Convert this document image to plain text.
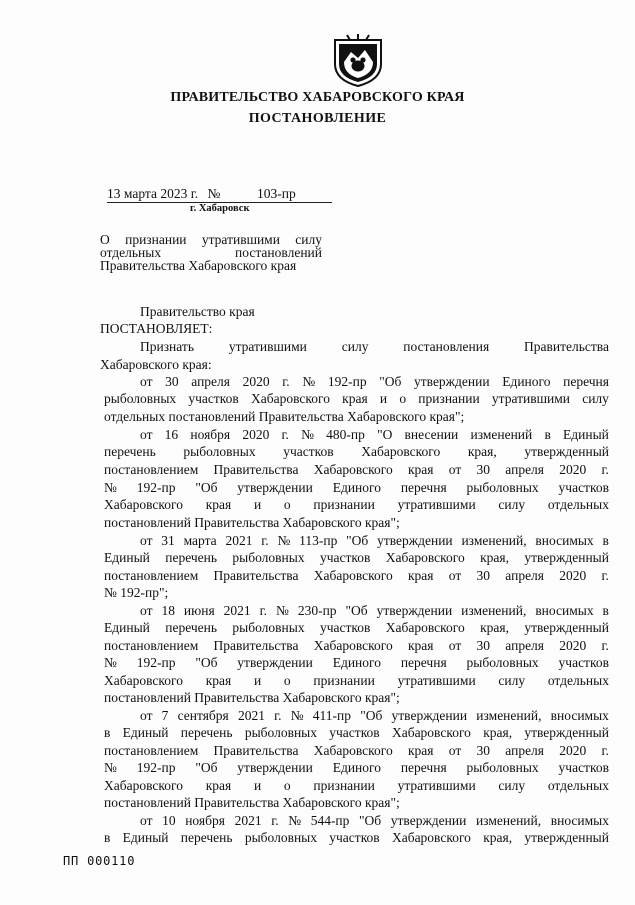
ПРАВИТЕЛЬСТВО ХАБАРОВСКОГО КРАЯ
ПОСТАНОВЛЕНИЕ
13 марта 2023 г. №	103-пр
г. Хабаровск
О признании утратившими силу отдельных постановлений Правительства Хабаровского края
Правительство края
ПОСТАНОВЛЯЕТ:
Признать	утратившими	силу	постановления	Правительства
Хабаровского края:
от 30 апреля 2020 г. № 192-пр "Об утверждении Единого перечня
рыболовных участков Хабаровского края и о признании утратившими силу
отдельных постановлений Правительства Хабаровского края";
от 16 ноября 2020 г. № 480-пр "О внесении изменений в Единый
перечень рыболовных участков Хабаровского края, утвержденный
постановлением Правительства Хабаровского края от 30 апреля 2020 г.
№ 192-пр "Об утверждении Единого перечня рыболовных участков
Хабаровского края и о признании утратившими силу отдельных
постановлений Правительства Хабаровского края";
от 31 марта 2021 г. № 113-пр "Об утверждении изменений, вносимых в
Единый перечень рыболовных участков Хабаровского края, утвержденный
постановлением Правительства Хабаровского края от 30 апреля 2020 г.
№ 192-пр";
от 18 июня 2021 г. № 230-пр "Об утверждении изменений, вносимых в
Единый перечень рыболовных участков Хабаровского края, утвержденный
постановлением Правительства Хабаровского края от 30 апреля 2020 г.
№ 192-пр "Об утверждении Единого перечня рыболовных участков
Хабаровского края и о признании утратившими силу отдельных
постановлений Правительства Хабаровского края";
от 7 сентября 2021 г. № 411-пр "Об утверждении изменений, вносимых
в Единый перечень рыболовных участков Хабаровского края, утвержденный
постановлением Правительства Хабаровского края от 30 апреля 2020 г.
№ 192-пр "Об утверждении Единого перечня рыболовных участков
Хабаровского края и о признании утратившими силу отдельных
постановлений Правительства Хабаровского края";
от 10 ноября 2021 г. № 544-пр "Об утверждении изменений, вносимых
в Единый перечень рыболовных участков Хабаровского края, утвержденный
ПП 000110
